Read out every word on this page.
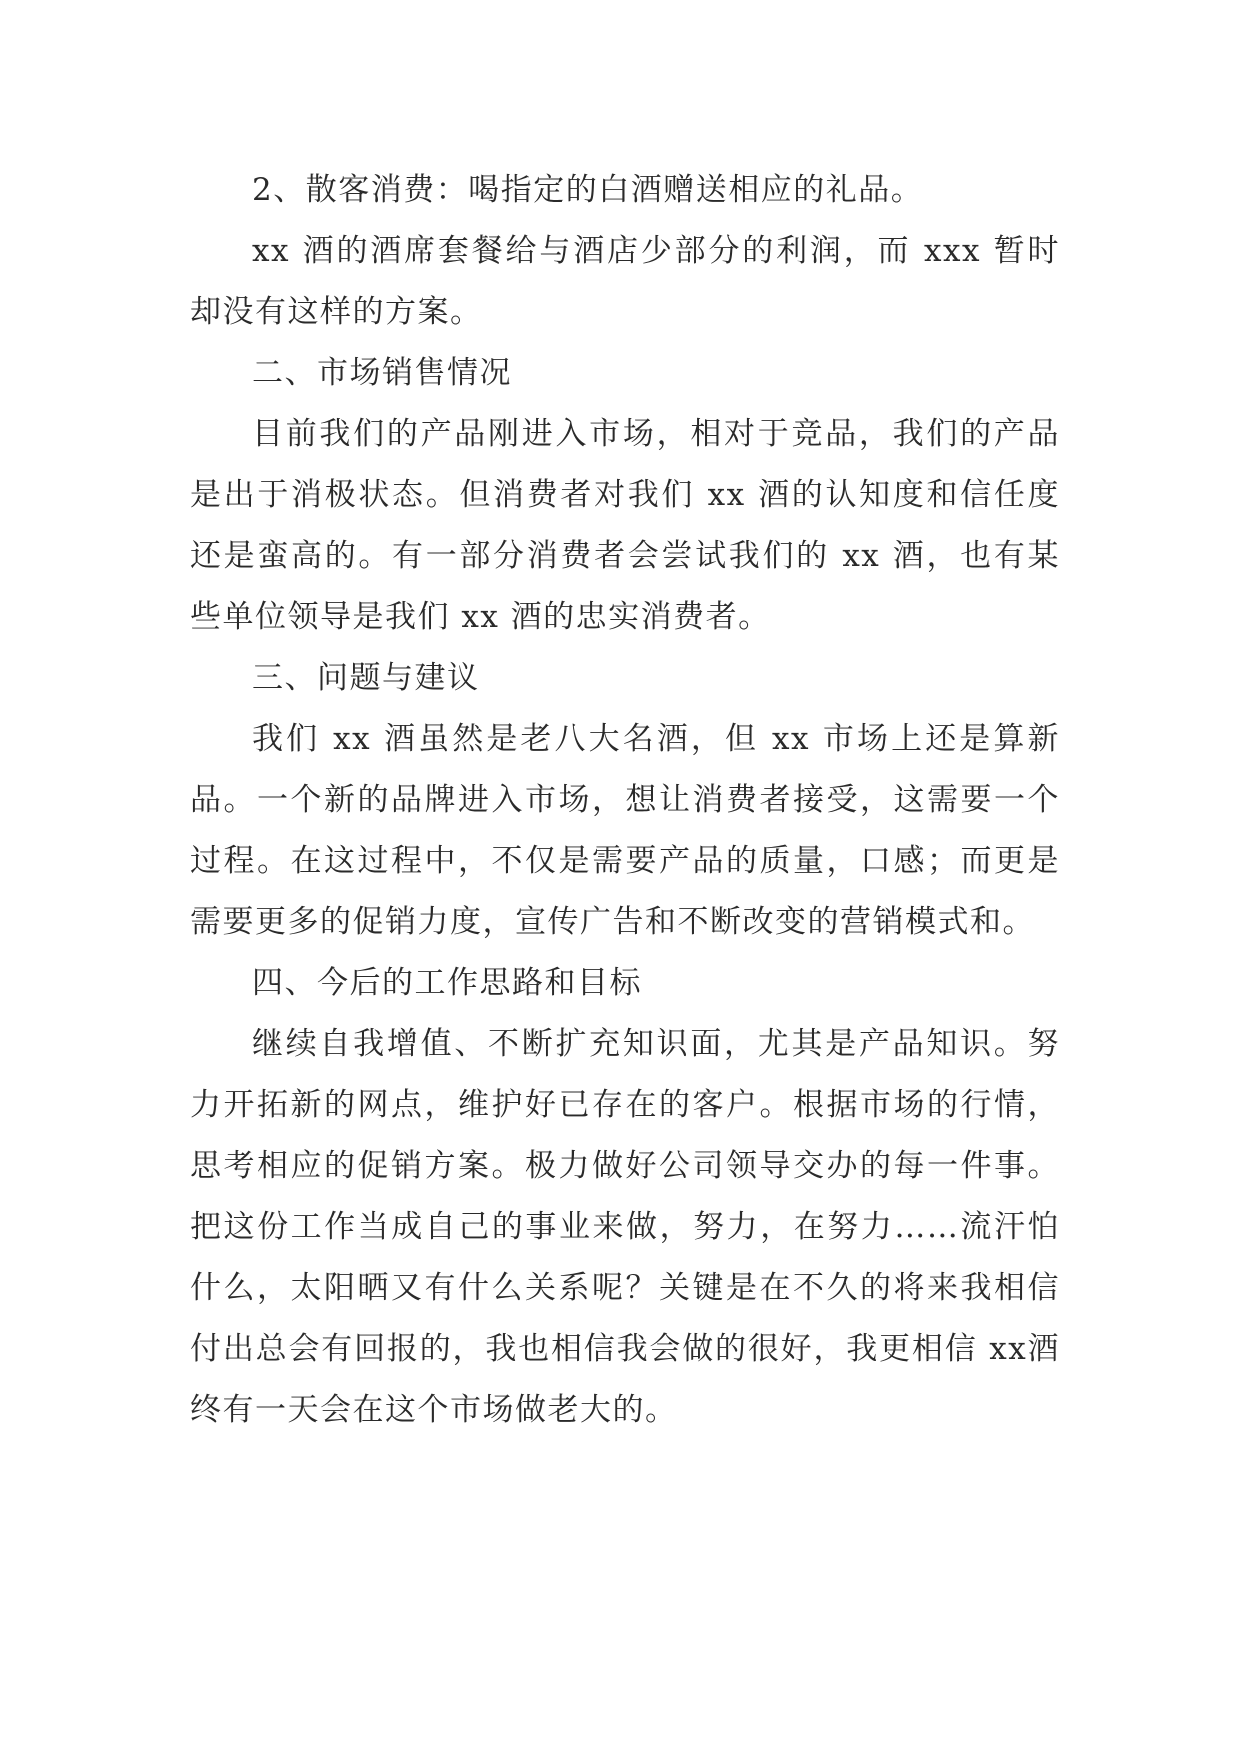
2、散客消费：喝指定的白酒赠送相应的礼品。

xx 酒的酒席套餐给与酒店少部分的利润，而 xxx 暂时却没有这样的方案。

二、市场销售情况

目前我们的产品刚进入市场，相对于竞品，我们的产品是出于消极状态。但消费者对我们 xx 酒的认知度和信任度还是蛮高的。有一部分消费者会尝试我们的 xx 酒，也有某些单位领导是我们 xx 酒的忠实消费者。

三、问题与建议

我们 xx 酒虽然是老八大名酒，但 xx 市场上还是算新品。一个新的品牌进入市场，想让消费者接受，这需要一个过程。在这过程中，不仅是需要产品的质量，口感；而更是需要更多的促销力度，宣传广告和不断改变的营销模式和。

四、今后的工作思路和目标

继续自我增值、不断扩充知识面，尤其是产品知识。努力开拓新的网点，维护好已存在的客户。根据市场的行情，思考相应的促销方案。极力做好公司领导交办的每一件事。把这份工作当成自己的事业来做，努力，在努力……流汗怕什么，太阳晒又有什么关系呢？关键是在不久的将来我相信付出总会有回报的，我也相信我会做的很好，我更相信 xx酒终有一天会在这个市场做老大的。
